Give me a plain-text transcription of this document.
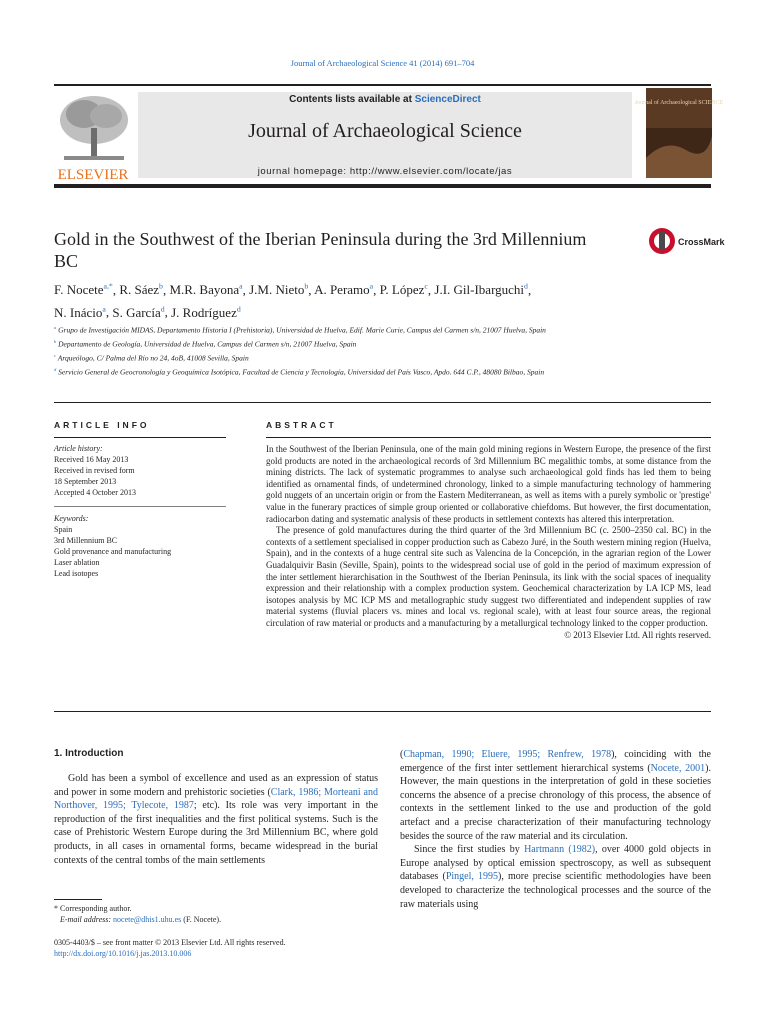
Journal of Archaeological Science 41 (2014) 691–704
ELSEVIER
Contents lists available at ScienceDirect
Journal of Archaeological Science
journal homepage: http://www.elsevier.com/locate/jas
Journal of Archaeological SCIENCE
Gold in the Southwest of the Iberian Peninsula during the 3rd Millennium BC
CrossMark
F. Nocete$^{a,*}$, R. Sáez$^b$, M.R. Bayona$^a$, J.M. Nieto$^b$, A. Peramo$^a$, P. López$^c$, J.I. Gil-Ibarguchi$^d$,
N. Inácio$^a$, S. García$^d$, J. Rodríguez$^d$

$^a$ Grupo de Investigación MIDAS, Departamento Historia I (Prehistoria), Universidad de Huelva, Edif. Marie Curie, Campus del Carmen s/n, 21007 Huelva, Spain

$^b$ Departamento de Geología, Universidad de Huelva, Campus del Carmen s/n, 21007 Huelva, Spain

$^c$ Arqueólogo, C/ Palma del Río no 24, 4oB, 41008 Sevilla, Spain

$^d$ Servicio General de Geocronología y Geoquímica Isotópica, Facultad de Ciencia y Tecnología, Universidad del País Vasco, Apdo. 644 C.P., 48080 Bilbao, Spain

ARTICLE INFO	ABSTRACT
Article history:
Received 16 May 2013
Received in revised form
18 September 2013
Accepted 4 October 2013
Keywords:
Spain
3rd Millennium BC
Gold provenance and manufacturing
Laser ablation
Lead isotopes

In the Southwest of the Iberian Peninsula, one of the main gold mining regions in Western Europe, the presence of the first gold products are noted in the archaeological records of 3rd Millennium BC megalithic tombs, at some distance from the mining districts. The lack of systematic programmes to analyse such archaeological gold finds has led them to being identified as ornamental finds, of undetermined chronology, linked to a simple manufacturing technology of hammering gold nuggets of an uncertain origin or from the Eastern Mediterranean, as well as items with a purely symbolic or 'prestige' value in the funerary practices of simple group oriented or collaborative chiefdoms. But however, the first documentation, radiocarbon dating and systematic analysis of these products in settlement contexts has altered this interpretation.

The presence of gold manufactures during the third quarter of the 3rd Millennium BC (c. 2500–2350 cal. BC) in the contexts of a settlement specialised in copper production such as Cabezo Juré, in the South western mining region (Huelva, Spain), and in the contexts of a huge central site such as Valencina de la Concepción, in the agrarian region of the Lower Guadalquivir Basin (Seville, Spain), points to the widespread social use of gold in the period of maximum expression of the inter settlement hierarchisation in the Southwest of the Iberian Peninsula, its link with the social spaces of inequality expression and their relationship with a complex production system. Geochemical characterization by LA ICP MS, lead isotopes analysis by MC ICP MS and metallographic study suggest two differentiated and independent supplies of raw material systems (fluvial placers vs. mines and local vs. regional scale), with at least four source areas, the regional circulation of raw material or products and a manufacturing by a metallurgical technology linked to the copper production.

© 2013 Elsevier Ltd. All rights reserved.

1. Introduction

Gold has been a symbol of excellence and used as an expression of status and power in some modern and prehistoric societies (Clark, 1986; Morteani and Northover, 1995; Tylecote, 1987; etc). Its role was very important in the reproduction of the first inequalities and the first political systems. Such is the case of Prehistoric Western Europe during the 3rd Millennium BC, where gold products, in all cases in ornamental forms, became widespread in the burial contexts of the central tombs of the main settlements

(Chapman, 1990; Eluere, 1995; Renfrew, 1978), coinciding with the emergence of the first inter settlement hierarchical systems (Nocete, 2001). However, the main questions in the interpretation of gold in these societies concerns the absence of a precise chronology of this process, the absence of contexts in the settlement linked to the use and production of the gold artefact and a precise characterization of their manufacturing technology besides the source of the raw material and its circulation.

Since the first studies by Hartmann (1982), over 4000 gold objects in Europe analysed by optical emission spectroscopy, as well as subsequent databases (Pingel, 1995), more precise scientific methodologies have been developed to characterize the technological processes and the source of the raw materials using

* Corresponding author.
E-mail address: nocete@dhis1.uhu.es (F. Nocete).
0305-4403/$ – see front matter © 2013 Elsevier Ltd. All rights reserved.
http://dx.doi.org/10.1016/j.jas.2013.10.006
